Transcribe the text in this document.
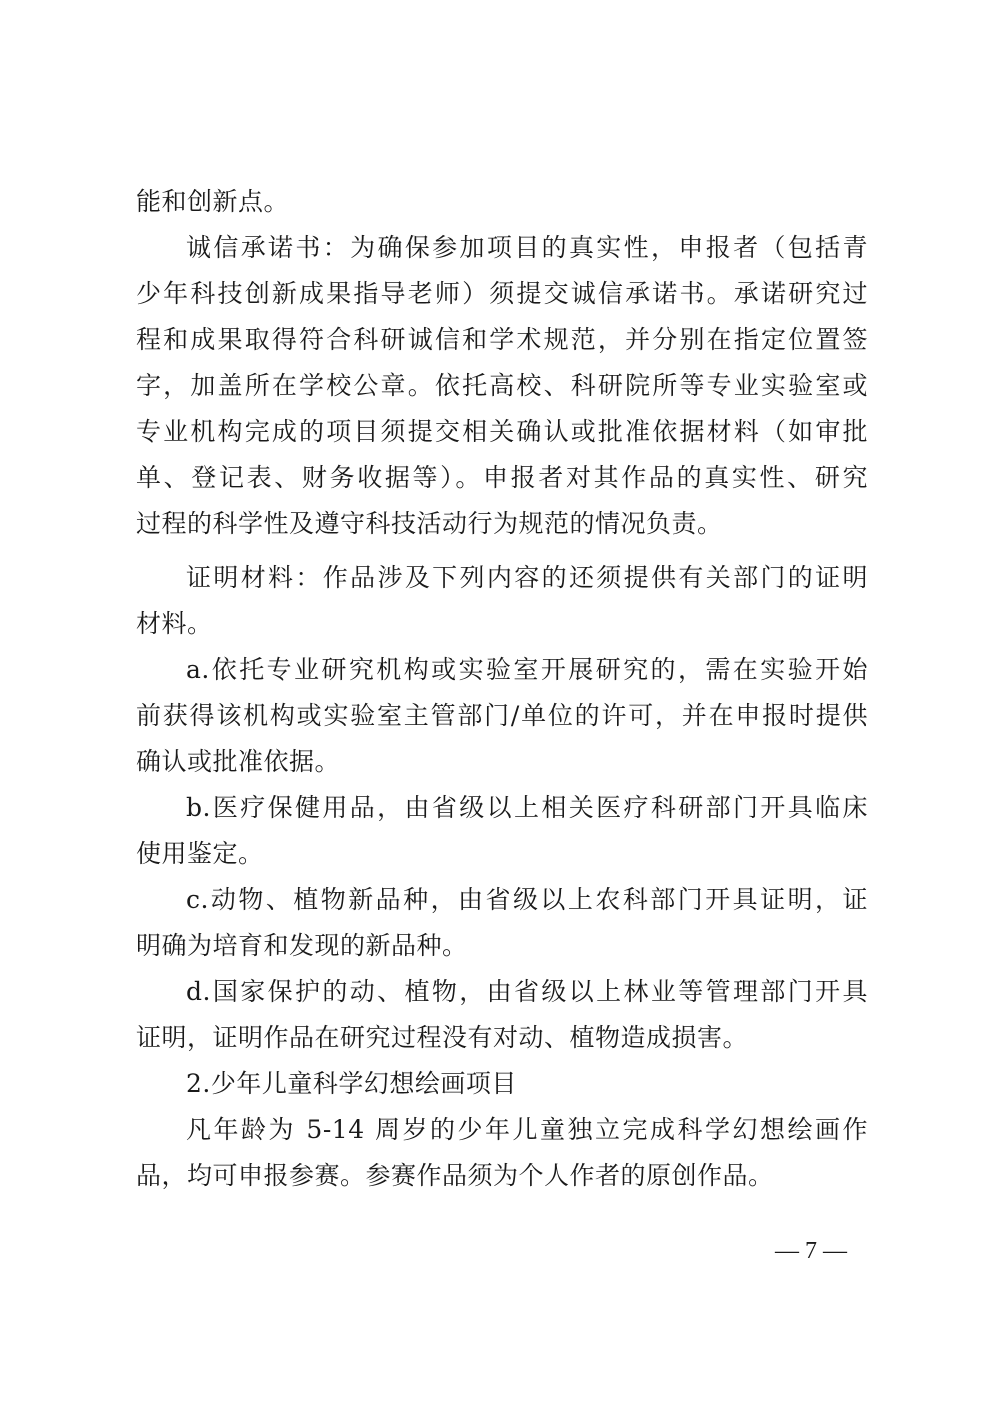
能和创新点。
诚信承诺书：为确保参加项目的真实性，申报者（包括青
少年科技创新成果指导老师）须提交诚信承诺书。承诺研究过
程和成果取得符合科研诚信和学术规范，并分别在指定位置签
字，加盖所在学校公章。依托高校、科研院所等专业实验室或
专业机构完成的项目须提交相关确认或批准依据材料（如审批
单、登记表、财务收据等）。申报者对其作品的真实性、研究
过程的科学性及遵守科技活动行为规范的情况负责。
证明材料：作品涉及下列内容的还须提供有关部门的证明
材料。
a.依托专业研究机构或实验室开展研究的，需在实验开始
前获得该机构或实验室主管部门/单位的许可，并在申报时提供
确认或批准依据。
b.医疗保健用品，由省级以上相关医疗科研部门开具临床
使用鉴定。
c.动物、植物新品种，由省级以上农科部门开具证明，证
明确为培育和发现的新品种。
d.国家保护的动、植物，由省级以上林业等管理部门开具
证明，证明作品在研究过程没有对动、植物造成损害。
2.少年儿童科学幻想绘画项目
凡年龄为 5-14 周岁的少年儿童独立完成科学幻想绘画作
品，均可申报参赛。参赛作品须为个人作者的原创作品。
— 7 —
